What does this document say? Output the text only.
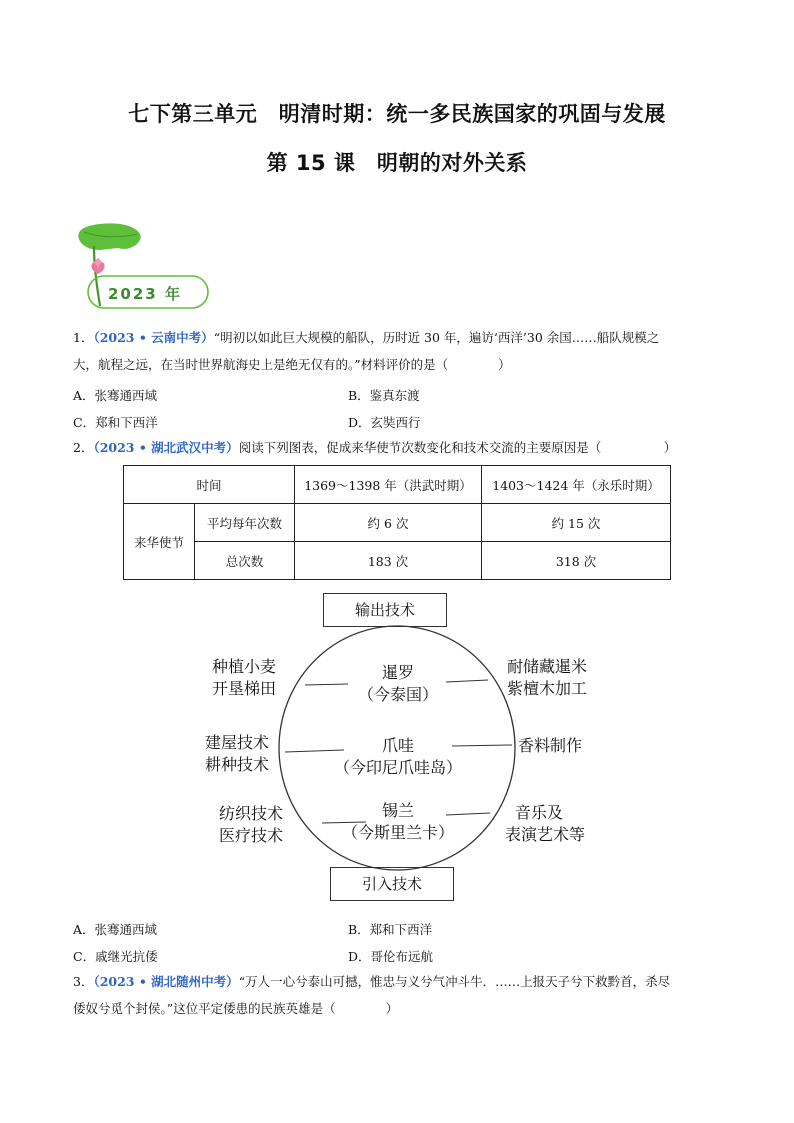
七下第三单元　明清时期：统一多民族国家的巩固与发展
第 15 课　明朝的对外关系
2023 年
1．（2023 • 云南中考）“明初以如此巨大规模的船队，历时近 30 年，遍访‘西洋’30 余国……船队规模之
大，航程之远，在当时世界航海史上是绝无仅有的。”材料评价的是（　　　　）
A．张骞通西域	B．鉴真东渡
C．郑和下西洋	D．玄奘西行
2．（2023 • 湖北武汉中考）阅读下列图表，促成来华使节次数变化和技术交流的主要原因是（　　　　　）
时间		1369～1398 年（洪武时期）	1403～1424 年（永乐时期）
来华使节	平均每年次数	约 6 次	约 15 次
	总次数	183 次	318 次
输出技术
引入技术
暹罗
（今泰国）
爪哇
（今印尼爪哇岛）
锡兰
（今斯里兰卡）
种植小麦
开垦梯田
建屋技术
耕种技术
纺织技术
医疗技术
耐储藏暹米
紫檀木加工
香料制作
音乐及
表演艺术等
A．张骞通西域	B．郑和下西洋
C．戚继光抗倭	D．哥伦布远航
3．（2023 • 湖北随州中考）“万人一心兮泰山可撼，惟忠与义兮气冲斗牛．……上报天子兮下救黔首，杀尽
倭奴兮觅个封侯。”这位平定倭患的民族英雄是（　　　　）
